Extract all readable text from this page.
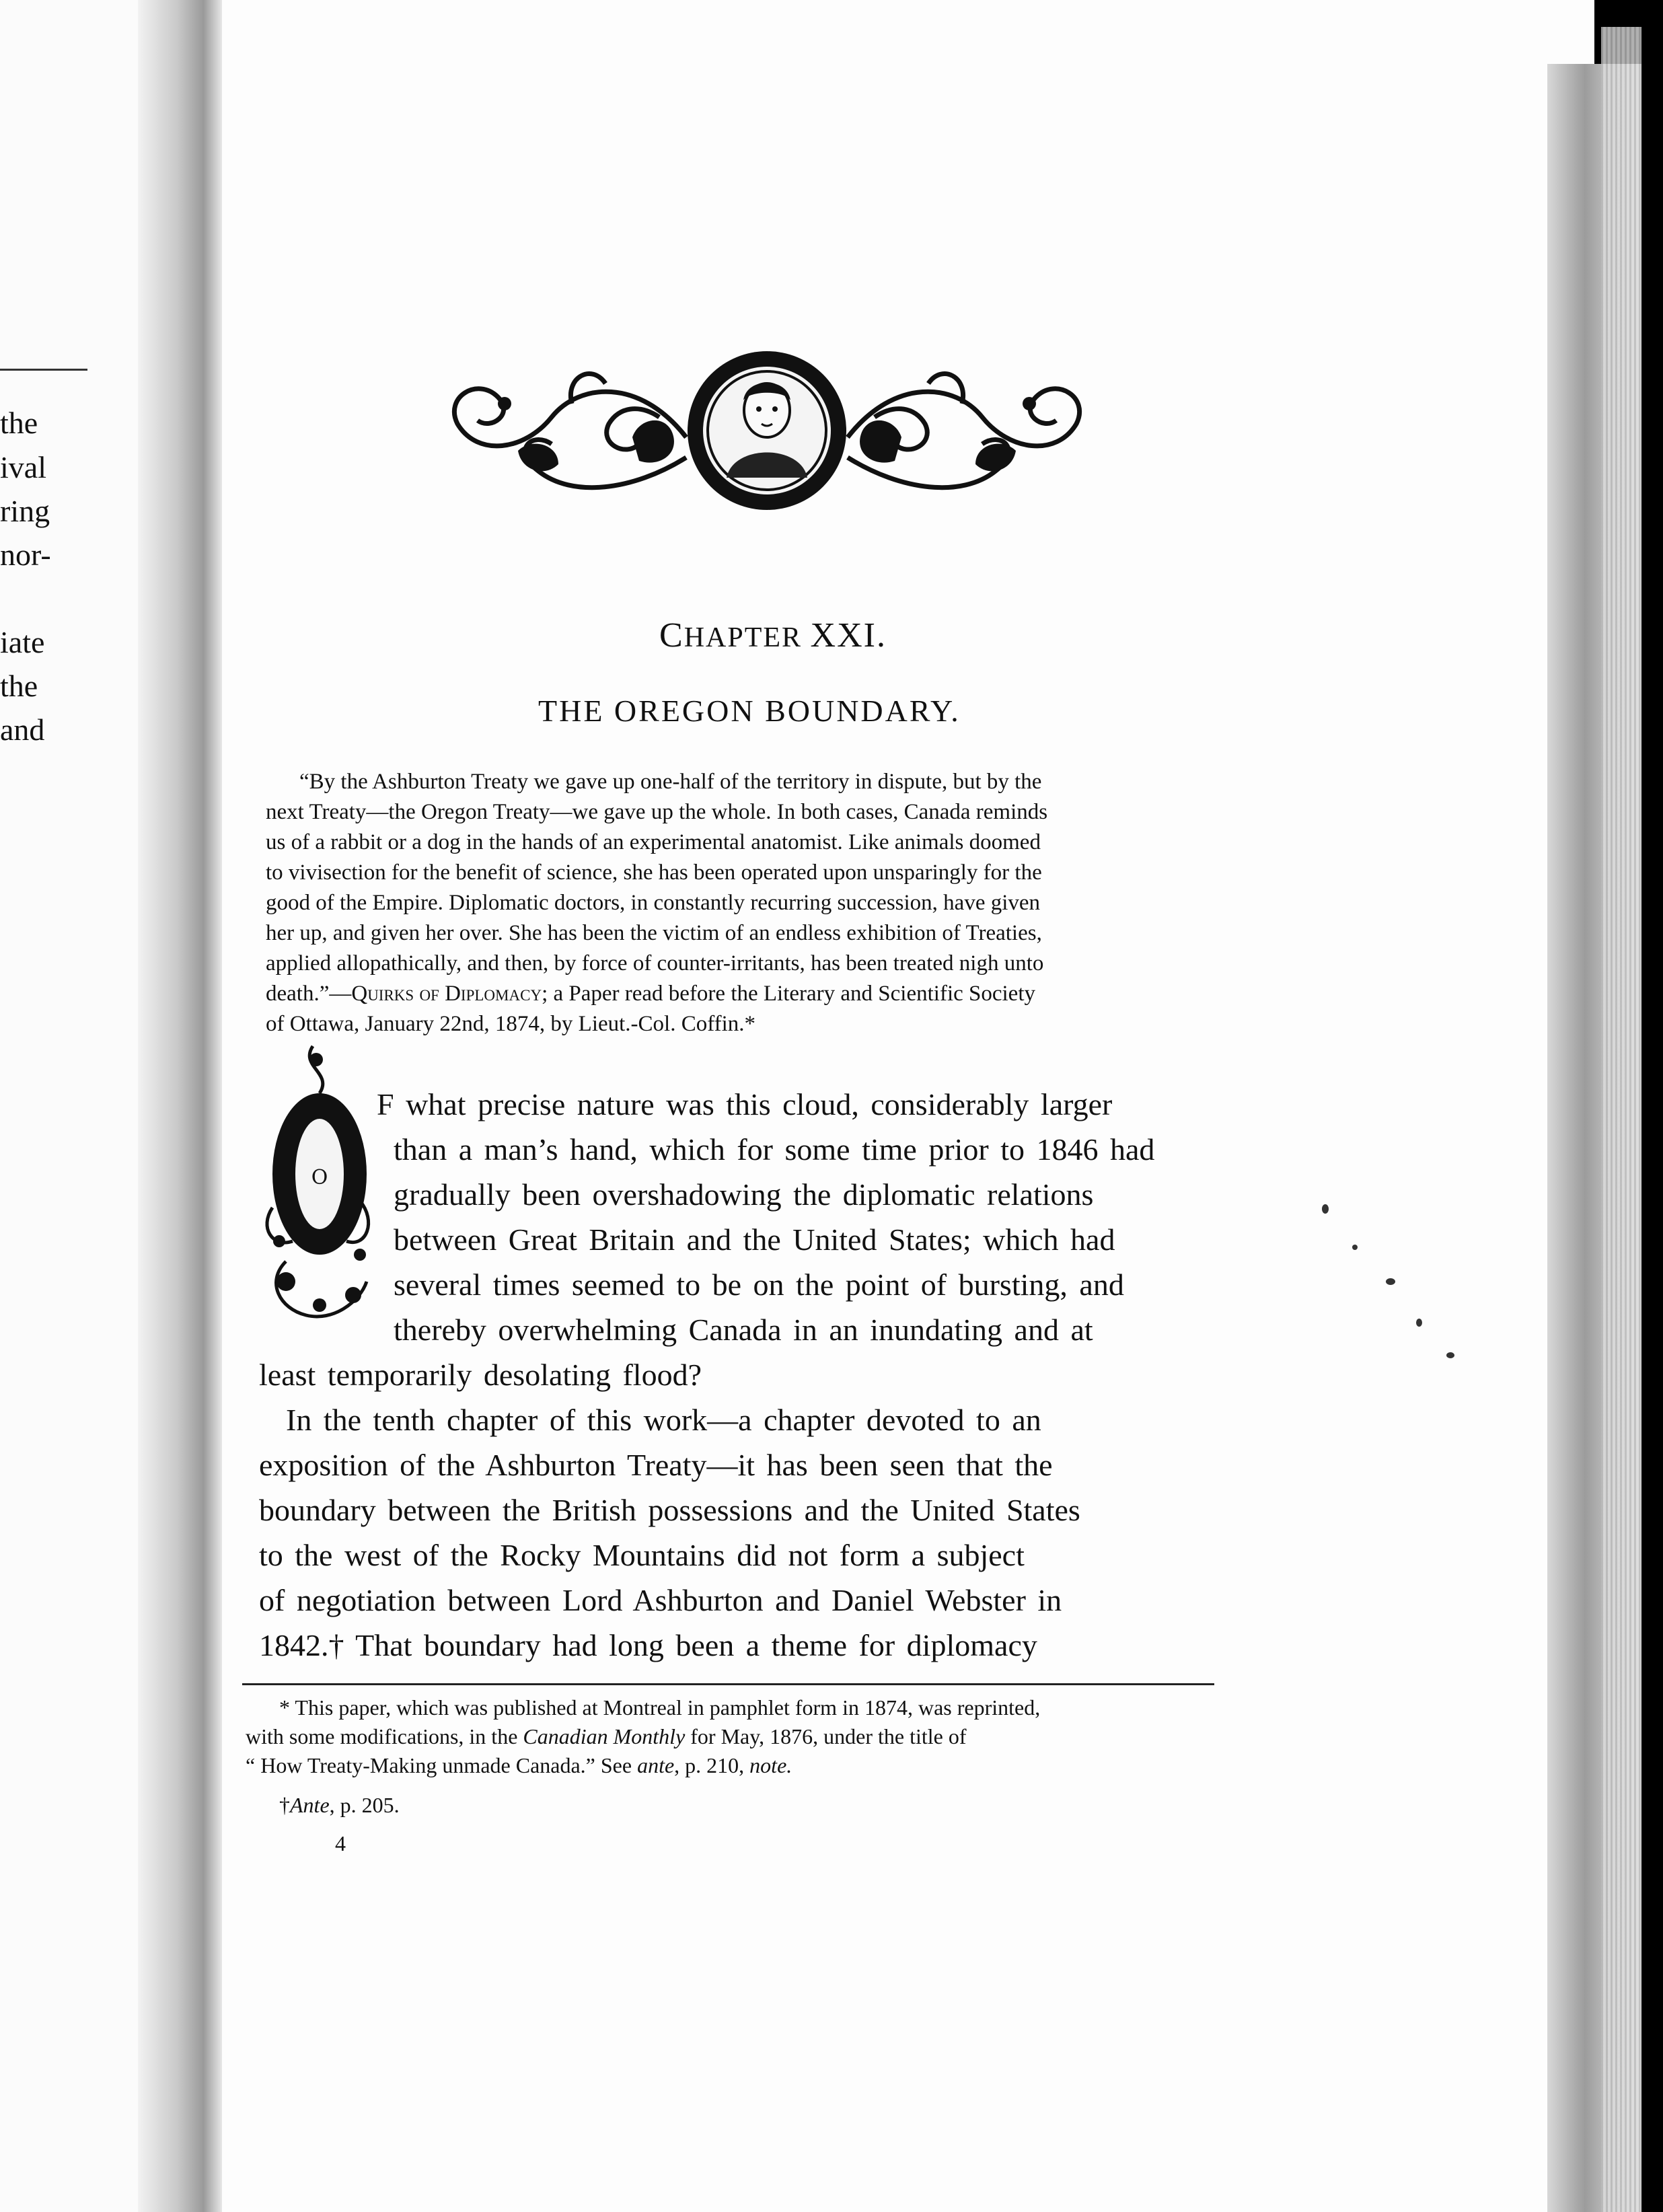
the
ival
ring
nor-
iate
the
and
CHAPTER XXI.
THE OREGON BOUNDARY.
“By the Ashburton Treaty we gave up one-half of the territory in dispute, but by the
next Treaty—the Oregon Treaty—we gave up the whole. In both cases, Canada reminds
us of a rabbit or a dog in the hands of an experimental anatomist. Like animals doomed
to vivisection for the benefit of science, she has been operated upon unsparingly for the
good of the Empire. Diplomatic doctors, in constantly recurring succession, have given
her up, and given her over. She has been the victim of an endless exhibition of Treaties,
applied allopathically, and then, by force of counter-irritants, has been treated nigh unto
death.”—Quirks of Diplomacy; a Paper read before the Literary and Scientific Society
of Ottawa, January 22nd, 1874, by Lieut.-Col. Coffin.*
O
F what precise nature was this cloud, considerably larger
than a man’s hand, which for some time prior to 1846 had
gradually been overshadowing the diplomatic relations
between Great Britain and the United States; which had
several times seemed to be on the point of bursting, and
thereby overwhelming Canada in an inundating and at
least temporarily desolating flood?
In the tenth chapter of this work—a chapter devoted to an
exposition of the Ashburton Treaty—it has been seen that the
boundary between the British possessions and the United States
to the west of the Rocky Mountains did not form a subject
of negotiation between Lord Ashburton and Daniel Webster in
1842.† That boundary had long been a theme for diplomacy
* This paper, which was published at Montreal in pamphlet form in 1874, was reprinted,
with some modifications, in the Canadian Monthly for May, 1876, under the title of
“ How Treaty-Making unmade Canada.” See ante, p. 210, note.
†Ante, p. 205.
4
